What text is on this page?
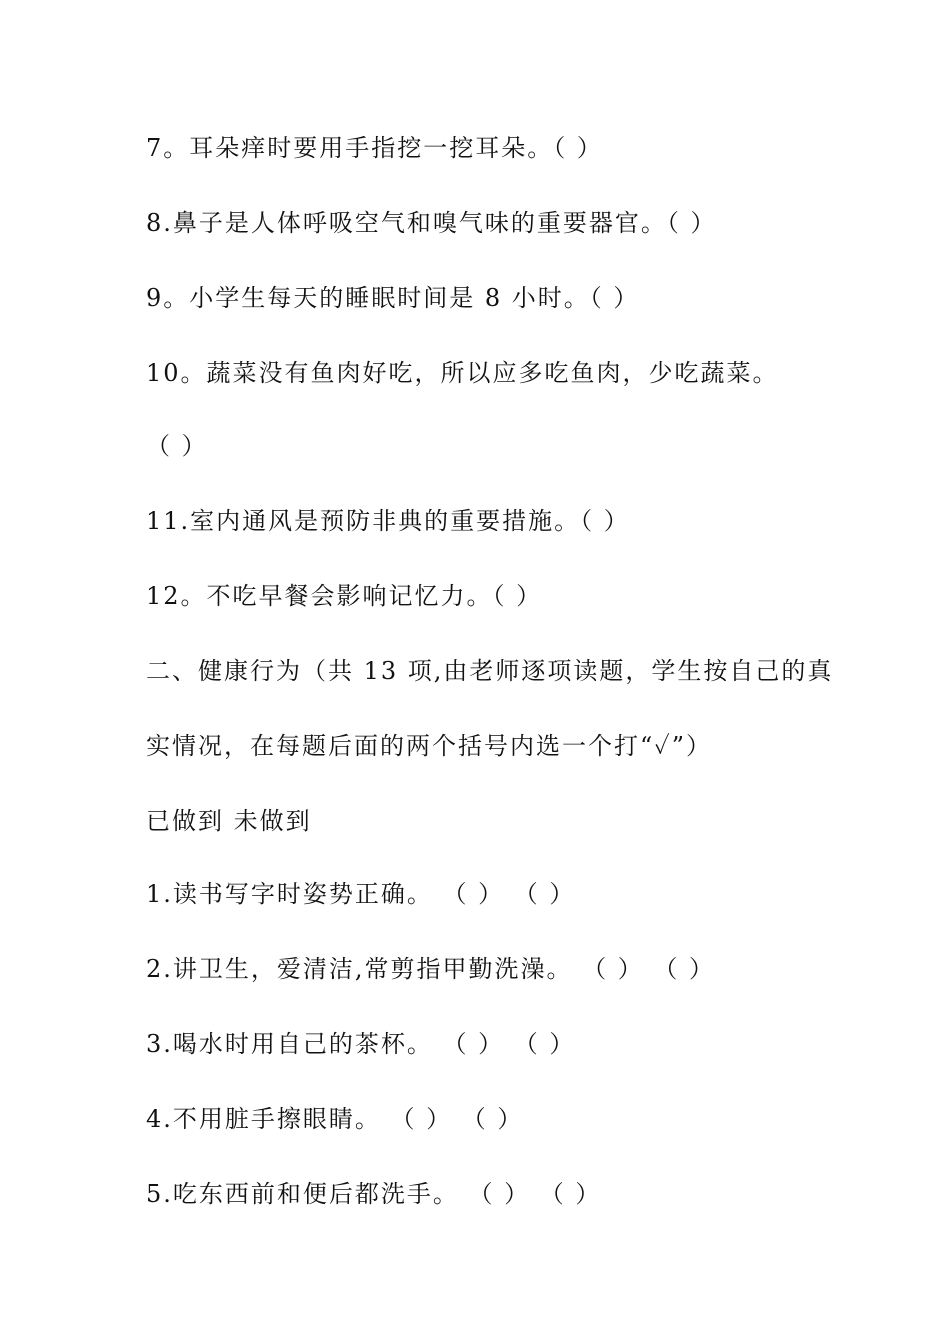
7。耳朵痒时要用手指挖一挖耳朵。（ ）
8.鼻子是人体呼吸空气和嗅气味的重要器官。（ ）
9。小学生每天的睡眠时间是 8 小时。（ ）
10。蔬菜没有鱼肉好吃，所以应多吃鱼肉，少吃蔬菜。
（ ）
11.室内通风是预防非典的重要措施。（ ）
12。不吃早餐会影响记忆力。（ ）
二、健康行为（共 13 项,由老师逐项读题，学生按自己的真
实情况，在每题后面的两个括号内选一个打“✓”）
已做到 未做到
1.读书写字时姿势正确。 （ ） （ ）
2.讲卫生，爱清洁,常剪指甲勤洗澡。 （ ） （ ）
3.喝水时用自己的茶杯。 （ ） （ ）
4.不用脏手擦眼睛。 （ ） （ ）
5.吃东西前和便后都洗手。 （ ） （ ）
